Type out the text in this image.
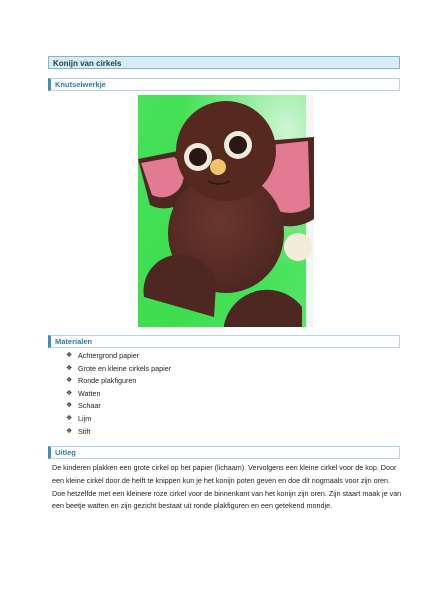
Konijn van cirkels
Knutselwerkje
Materialen
❖ Achtergrond papier
❖ Grote en kleine cirkels papier
❖ Ronde plakfiguren
❖ Watten
❖ Schaar
❖ Lijm
❖ Stift
Uitleg

De kinderen plakken een grote cirkel op het papier (lichaam). Vervolgens een kleine cirkel voor de kop. Door een kleine cirkel door de helft te knippen kun je het konijn poten geven en doe dit nogmaals voor zijn oren. Doe hetzelfde met een kleinere roze cirkel voor de binnenkant van het konijn zijn oren. Zijn staart maak je van een beetje watten en zijn gezicht bestaat uit ronde plakfiguren en een getekend mondje.
